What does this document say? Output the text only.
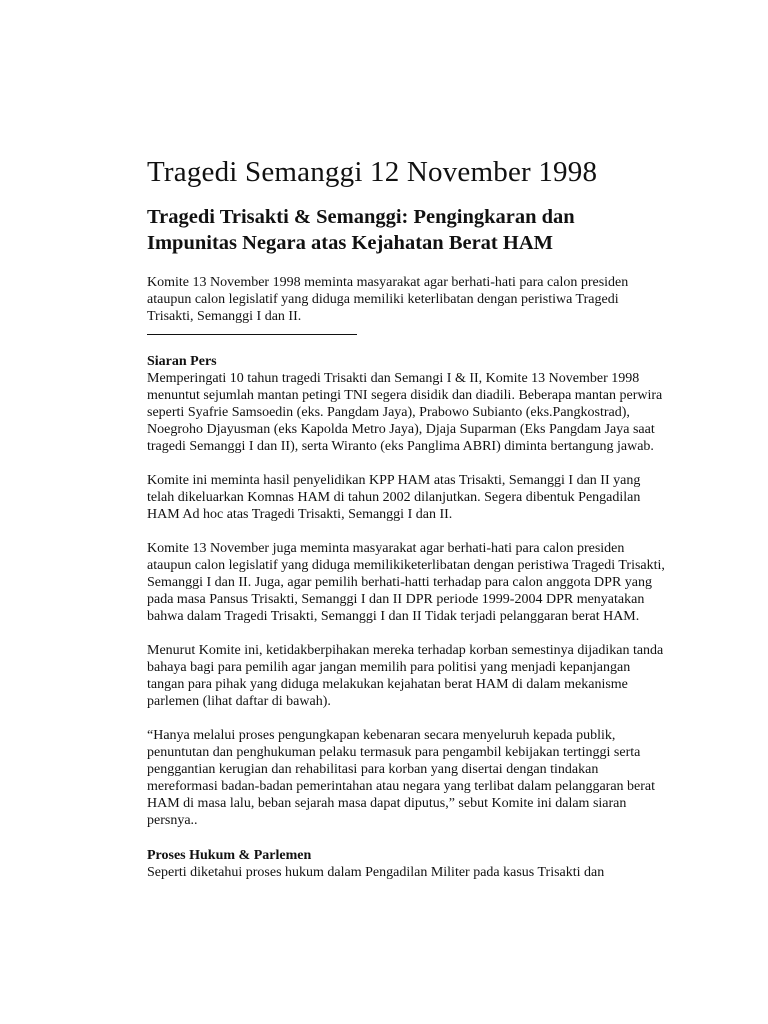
Tragedi Semanggi 12 November 1998
Tragedi Trisakti & Semanggi: Pengingkaran dan Impunitas Negara atas Kejahatan Berat HAM

Komite 13 November 1998 meminta masyarakat agar berhati-hati para calon presiden ataupun calon legislatif yang diduga memiliki keterlibatan dengan peristiwa Tragedi Trisakti, Semanggi I dan II.

Siaran Pers

Memperingati 10 tahun tragedi Trisakti dan Semangi I & II, Komite 13 November 1998 menuntut sejumlah mantan petingi TNI segera disidik dan diadili. Beberapa mantan perwira seperti Syafrie Samsoedin (eks. Pangdam Jaya), Prabowo Subianto (eks.Pangkostrad), Noegroho Djayusman (eks Kapolda Metro Jaya), Djaja Suparman (Eks Pangdam Jaya saat tragedi Semanggi I dan II), serta Wiranto (eks Panglima ABRI) diminta bertangung jawab.

Komite ini meminta hasil penyelidikan KPP HAM atas Trisakti, Semanggi I dan II yang telah dikeluarkan Komnas HAM di tahun 2002 dilanjutkan. Segera dibentuk Pengadilan HAM Ad hoc atas Tragedi Trisakti, Semanggi I dan II.

Komite 13 November juga meminta masyarakat agar berhati-hati para calon presiden ataupun calon legislatif yang diduga memilikiketerlibatan dengan peristiwa Tragedi Trisakti, Semanggi I dan II. Juga, agar pemilih berhati-hatti terhadap para calon anggota DPR yang pada masa Pansus Trisakti, Semanggi I dan II DPR periode 1999-2004 DPR menyatakan bahwa dalam Tragedi Trisakti, Semanggi I dan II Tidak terjadi pelanggaran berat HAM.

Menurut Komite ini, ketidakberpihakan mereka terhadap korban semestinya dijadikan tanda bahaya bagi para pemilih agar jangan memilih para politisi yang menjadi kepanjangan tangan para pihak yang diduga melakukan kejahatan berat HAM di dalam mekanisme parlemen (lihat daftar di bawah).

“Hanya melalui proses pengungkapan kebenaran secara menyeluruh kepada publik, penuntutan dan penghukuman pelaku termasuk para pengambil kebijakan tertinggi serta penggantian kerugian dan rehabilitasi para korban yang disertai dengan tindakan mereformasi badan-badan pemerintahan atau negara yang terlibat dalam pelanggaran berat HAM di masa lalu, beban sejarah masa dapat diputus,” sebut Komite ini dalam siaran persnya..

Proses Hukum & Parlemen

Seperti diketahui proses hukum dalam Pengadilan Militer pada kasus Trisakti dan
